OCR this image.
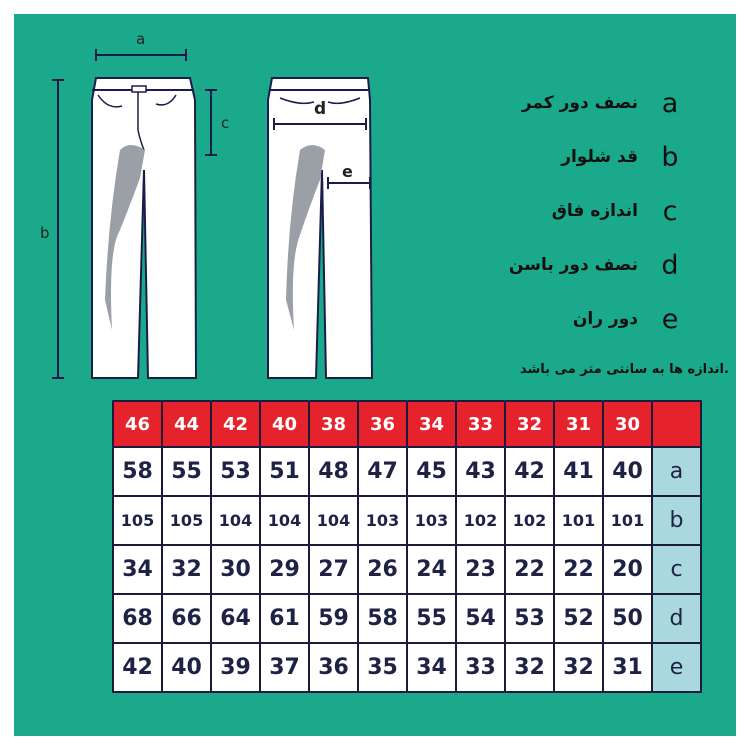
a
b
c
d
e
نصف دور کمر a
قد شلوار b
اندازه فاق c
نصف دور باسن d
دور ران e
.اندازه ها به سانتی متر می باشد
46	44	42	40	38	36	34	33	32	31	30	
58	55	53	51	48	47	45	43	42	41	40	a
105	105	104	104	104	103	103	102	102	101	101	b
34	32	30	29	27	26	24	23	22	22	20	c
68	66	64	61	59	58	55	54	53	52	50	d
42	40	39	37	36	35	34	33	32	32	31	e
